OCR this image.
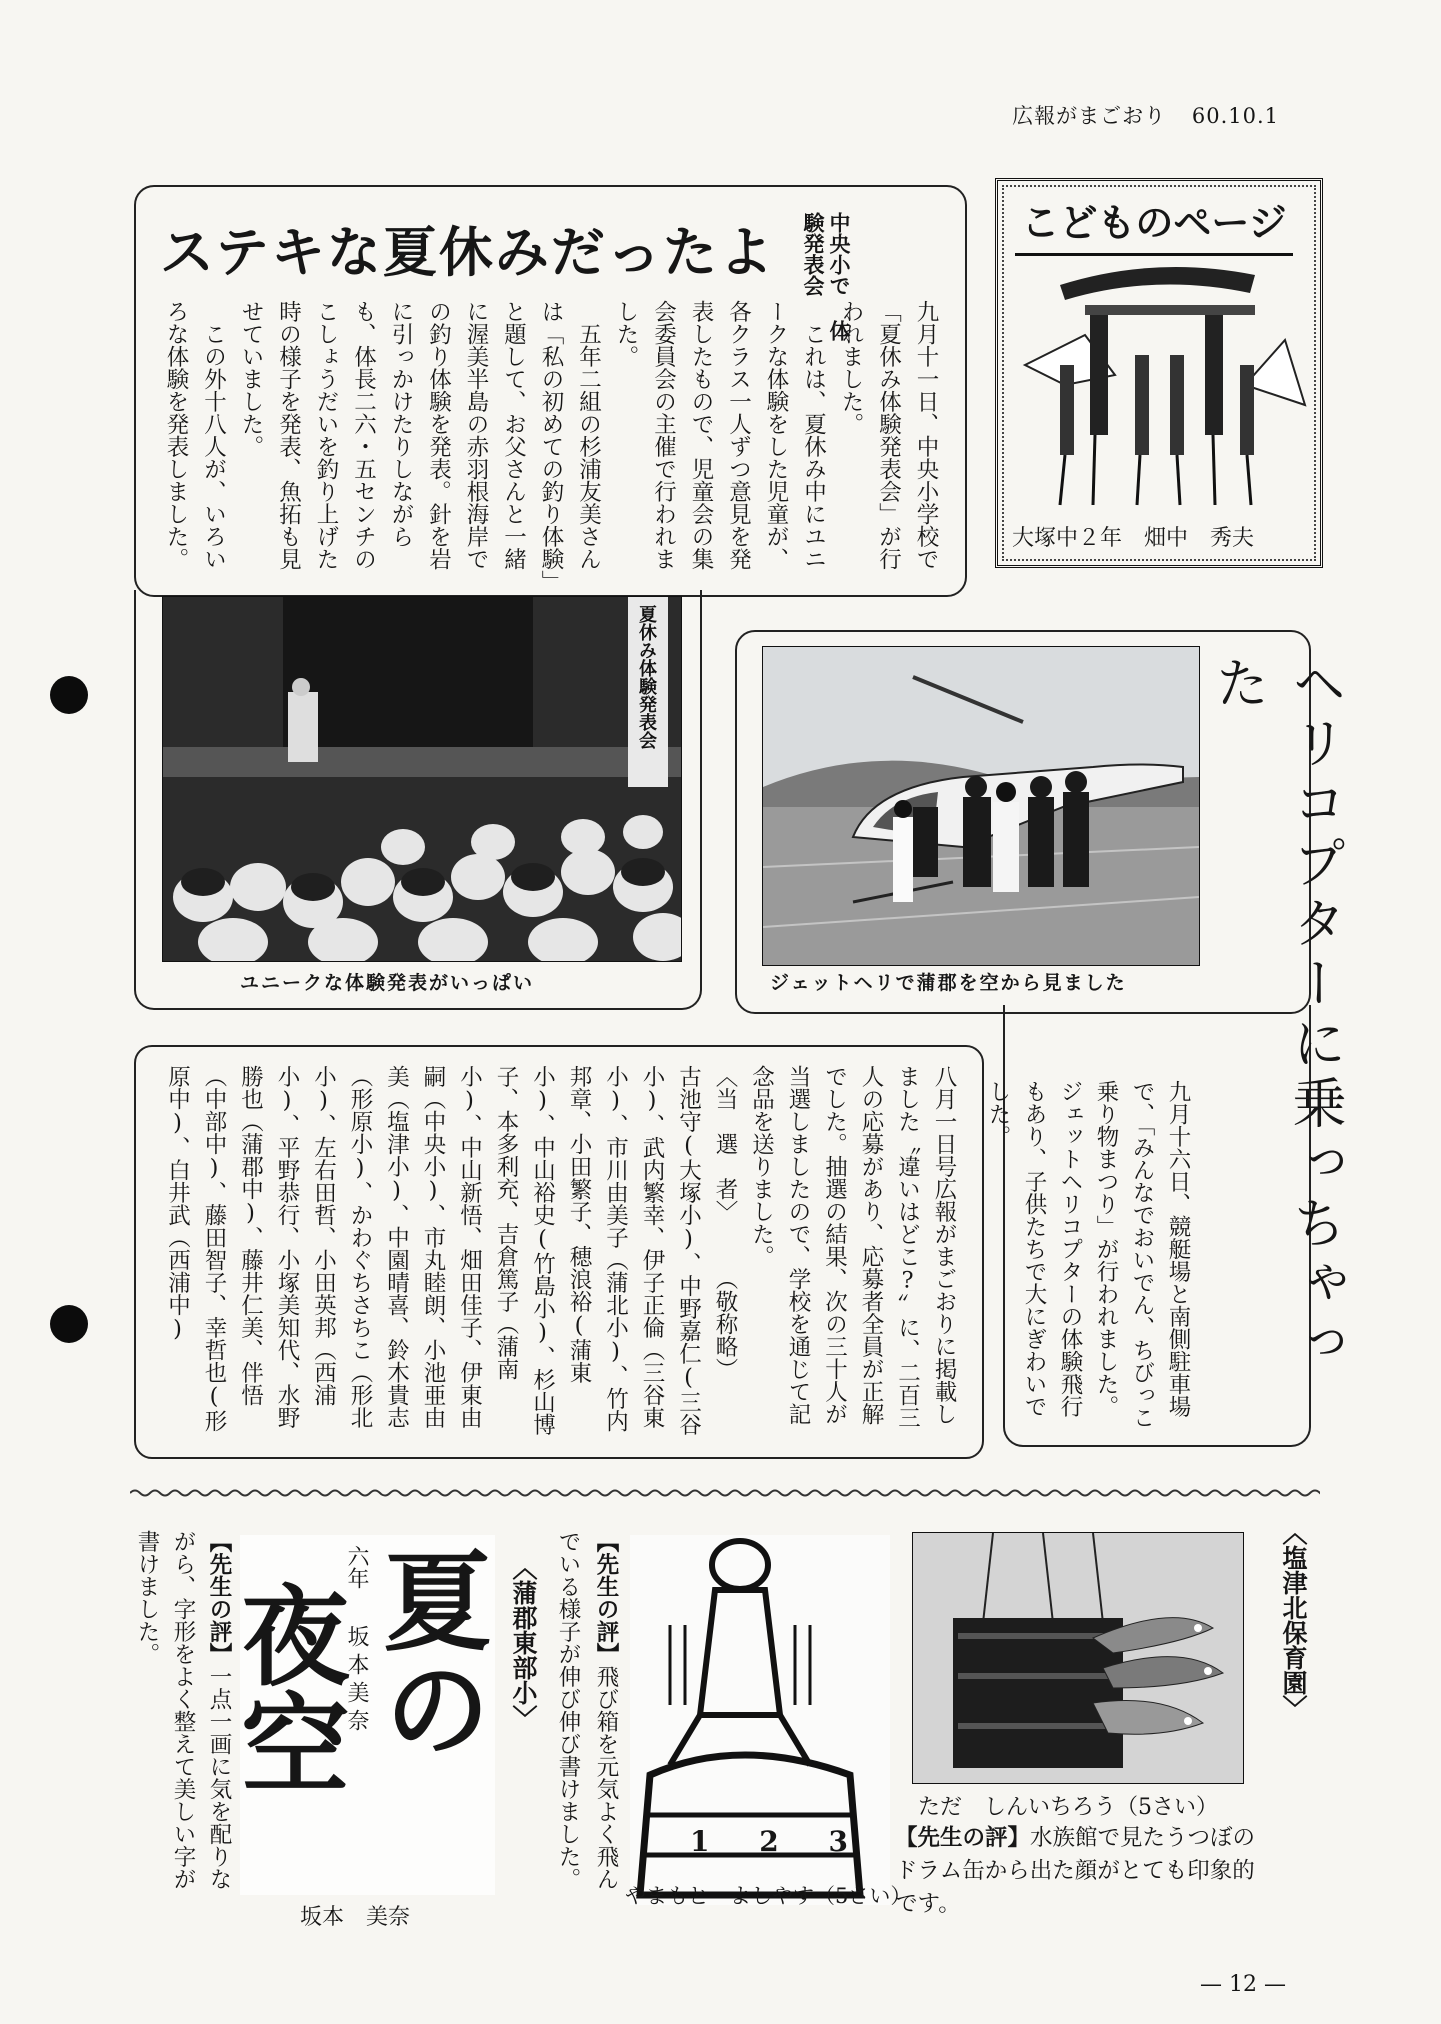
広報がまごおり 60.10.1
ステキな夏休みだったよ	中央小で 体験発表会
九月十一日、中央小学校で「夏休み体験発表会」が行われました。
　これは、夏休み中にユニークな体験をした児童が、各クラス一人ずつ意見を発表したもので、児童会の集会委員会の主催で行われました。
　五年二組の杉浦友美さんは「私の初めての釣り体験」と題して、お父さんと一緒に渥美半島の赤羽根海岸での釣り体験を発表。針を岩に引っかけたりしながらも、体長二六・五センチのこしょうだいを釣り上げた時の様子を発表、魚拓も見せていました。
　この外十八人が、いろいろな体験を発表しました。
夏休み体験発表会
ユニークな体験発表がいっぱい
こどものページ
大塚中２年　畑中　秀夫
ジェットヘリで蒲郡を空から見ました	ヘリコプターに乗っちゃった
九月十六日、競艇場と南側駐車場で、「みんなでおいでん、ちびっこ乗り物まつり」が行われました。ジェットヘリコプターの体験飛行もあり、子供たちで大にぎわいでした。
八月一日号広報がまごおりに掲載しました〝違いはどこ?〟に、二百三人の応募があり、応募者全員が正解でした。抽選の結果、次の三十人が当選しましたので、学校を通じて記念品を送りました。
〈当　選　者〉　　　（敬称略）
古池守(大塚小)、中野嘉仁(三谷小)、武内繁幸、伊子正倫（三谷東小)、市川由美子（蒲北小)、竹内邦章、小田繁子、穂浪裕(蒲東小)、中山裕史(竹島小)、杉山博子、本多利充、吉倉篤子（蒲南小)、中山新悟、畑田佳子、伊東由嗣（中央小)、市丸睦朗、小池亜由美（塩津小)、中園晴喜、鈴木貴志（形原小)、かわぐちさちこ（形北小)、左右田哲、小田英邦（西浦小)、平野恭行、小塚美知代、水野勝也（蒲郡中)、藤井仁美、伴悟（中部中)、藤田智子、幸哲也(形原中)、白井武（西浦中)
〈塩津北保育園〉
ただ　しんいちろう（5さい）
【先生の評】水族館で見たうつぼのドラム缶から出た顔がとても印象的です。
1 2 3
やまもと　よしやす（5さい）
【先生の評】飛び箱を元気よく飛んでいる様子が伸び伸び書けました。
〈蒲郡東部小〉
夏の
六年
夜空
坂本美奈
坂本　美奈
【先生の評】一点一画に気を配りながら、字形をよく整えて美しい字が書けました。
— 12 —
